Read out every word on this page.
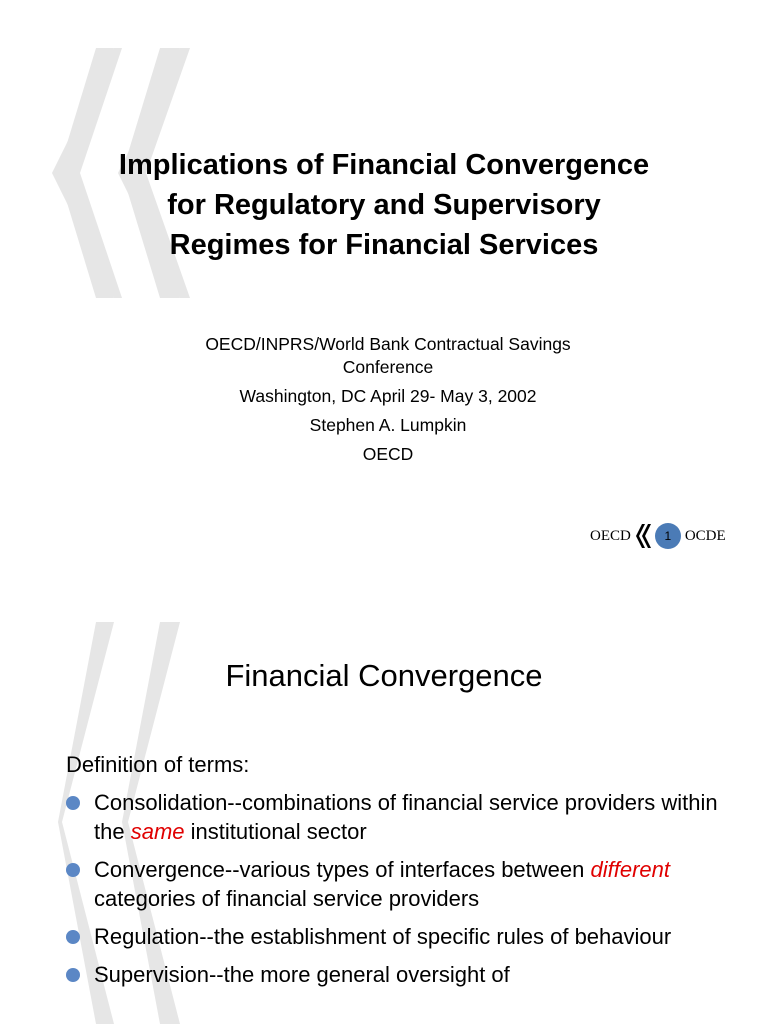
Implications of Financial Convergence
for Regulatory and Supervisory
Regimes for Financial Services
OECD/INPRS/World Bank Contractual Savings
Conference
Washington, DC April 29- May 3, 2002
Stephen A. Lumpkin
OECD
OECD	1 OCDE
Financial Convergence
Definition of terms:
Consolidation--combinations of financial service providers within the same institutional sector
Convergence--various types of interfaces between different categories of financial service providers
Regulation--the establishment of specific rules of behaviour
Supervision--the more general oversight of
